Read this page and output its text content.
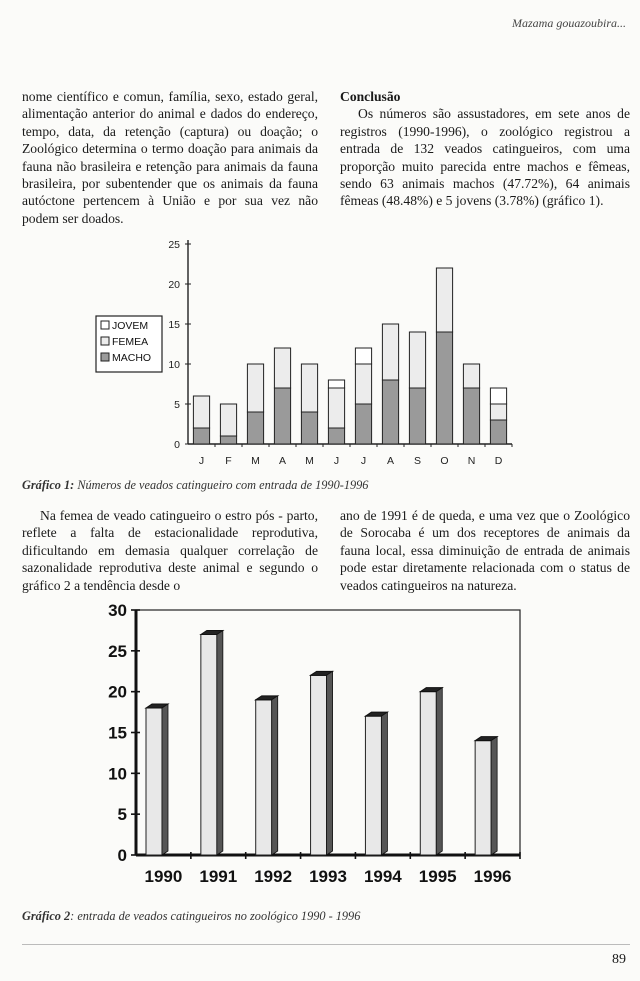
Mazama gouazoubira...

nome científico e comun, família, sexo, estado geral, alimentação anterior do animal e dados do endereço, tempo, data, da retenção (captura) ou doação; o Zoológico determina o termo doação para animais da fauna não brasileira e retenção para animais da fauna brasileira, por subentender que os animais da fauna autóctone pertencem à União e por sua vez não podem ser doados.

Conclusão

Os números são assustadores, em sete anos de registros (1990-1996), o zoológico registrou a entrada de 132 veados catingueiros, com uma proporção muito parecida entre machos e fêmeas, sendo 63 animais machos (47.72%), 64 animais fêmeas (48.48%) e 5 jovens (3.78%) (gráfico 1).

JOVEM
FEMEA
MACHO
0
5
10
15
20
25
J F M A M J J A S O N D
Gráfico 1: Números de veados catingueiro com entrada de 1990-1996

Na femea de veado catingueiro o estro pós - parto, reflete a falta de estacionalidade reprodutiva, dificultando em demasia qualquer correlação de sazonalidade reprodutiva deste animal e segundo o gráfico 2 a tendência desde o

ano de 1991 é de queda, e uma vez que o Zoológico de Sorocaba é um dos receptores de animais da fauna local, essa diminuição de entrada de animais pode estar diretamente relacionada com o status de veados catingueiros na natureza.

0
5
10
15
20
25
30
1990 1991 1992 1993 1994 1995 1996
Gráfico 2: entrada de veados catingueiros no zoológico 1990 - 1996
89
